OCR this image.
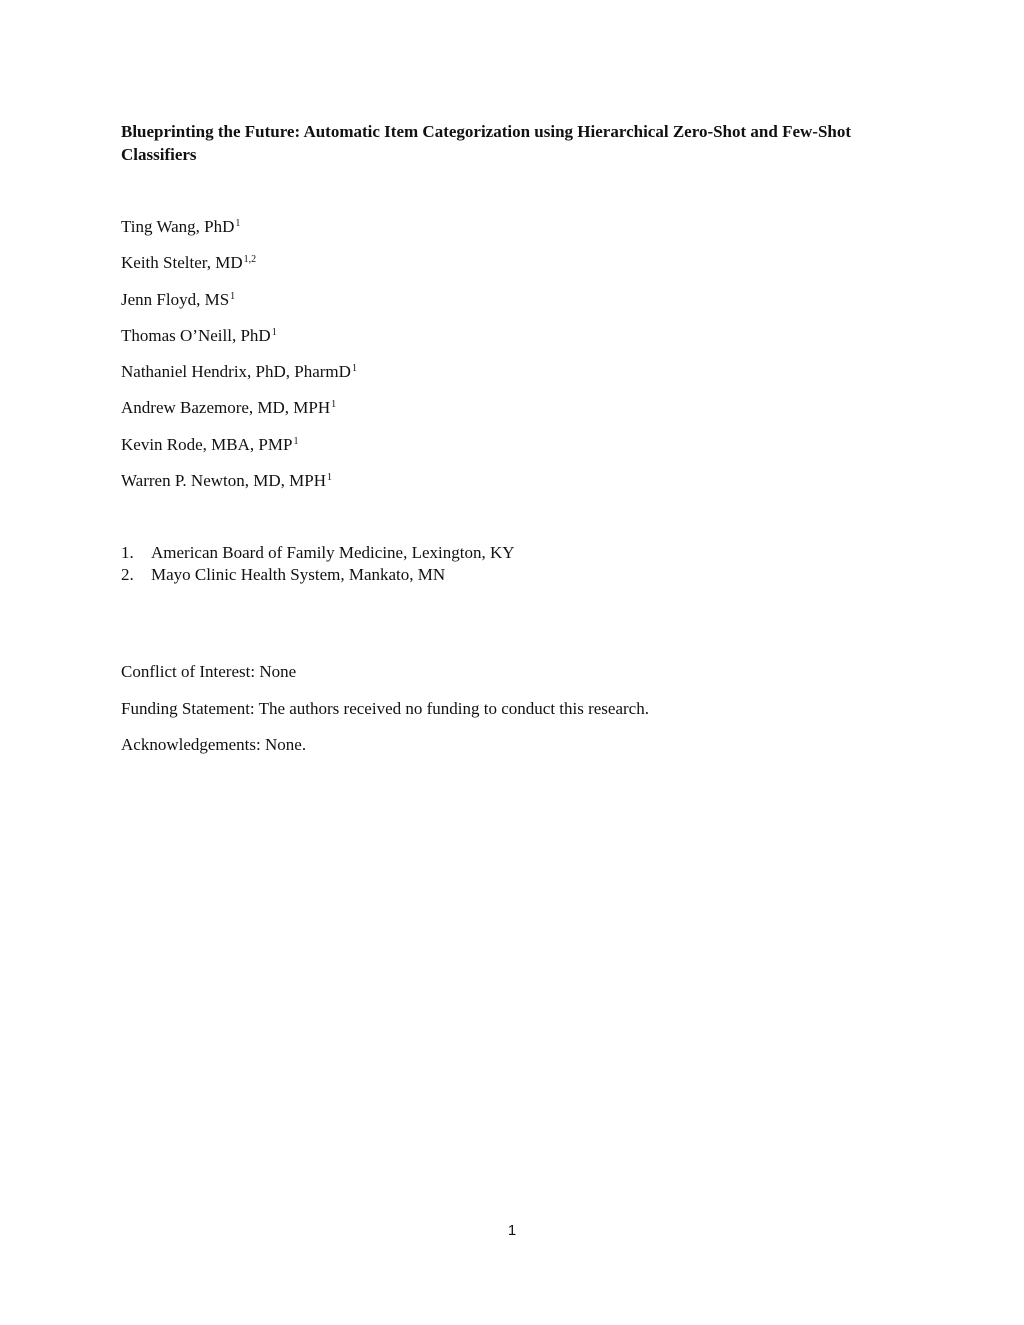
Blueprinting the Future: Automatic Item Categorization using Hierarchical Zero-Shot and Few-Shot Classifiers

Ting Wang, PhD$^1$
Keith Stelter, MD$^{1,2}$
Jenn Floyd, $MS^1$
Thomas O’Neill, PhD$^1$
Nathaniel Hendrix, PhD, PharmD$^1$
Andrew Bazemore, MD, MPH$^1$
Kevin Rode, MBA, PMP$^1$
Warren P. Newton, MD, MPH$^1$
1.	American Board of Family Medicine, Lexington, KY
2.	Mayo Clinic Health System, Mankato, MN
Conflict of Interest: None
Funding Statement: The authors received no funding to conduct this research.
Acknowledgements: None.
1
